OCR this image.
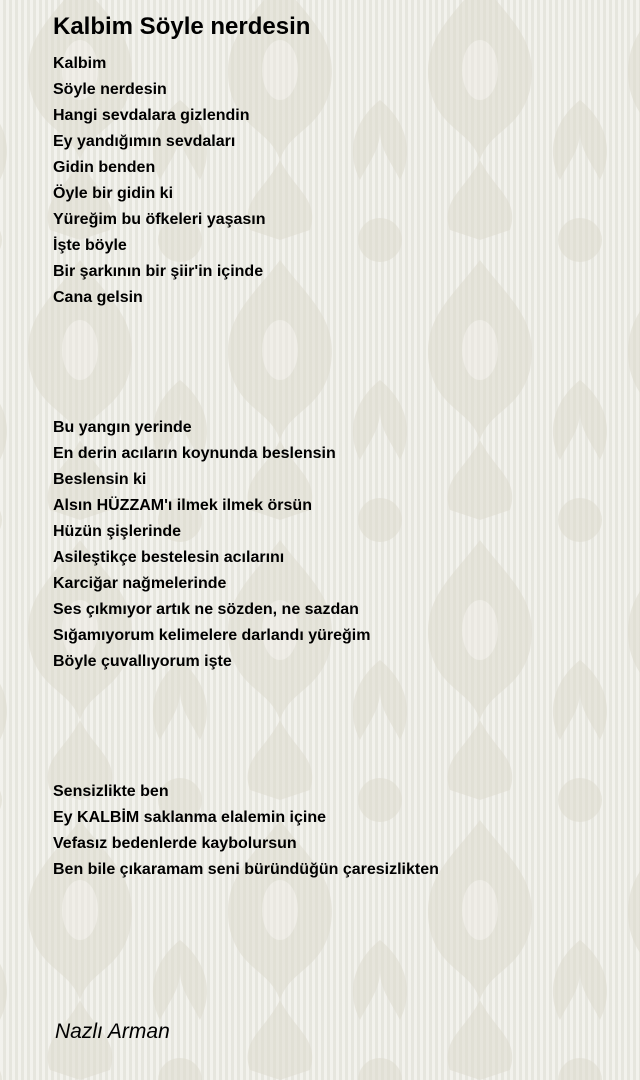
Kalbim Söyle nerdesin
Kalbim
Söyle nerdesin
Hangi sevdalara gizlendin
Ey yandığımın sevdaları
Gidin benden
Öyle bir gidin ki
Yüreğim bu öfkeleri yaşasın
İşte böyle
Bir şarkının bir şiir'in içinde
Cana gelsin
Bu yangın yerinde
En derin acıların koynunda beslensin
Beslensin ki
Alsın HÜZZAM'ı ilmek ilmek örsün
Hüzün şişlerinde
Asileştikçe bestelesin acılarını
Karciğar nağmelerinde
Ses çıkmıyor artık ne sözden, ne sazdan
Sığamıyorum kelimelere darlandı yüreğim
Böyle çuvallıyorum işte
Sensizlikte ben
Ey KALBİM saklanma elalemin içine
Vefasız bedenlerde kaybolursun
Ben bile çıkaramam seni büründüğün çaresizlikten
Nazlı Arman
